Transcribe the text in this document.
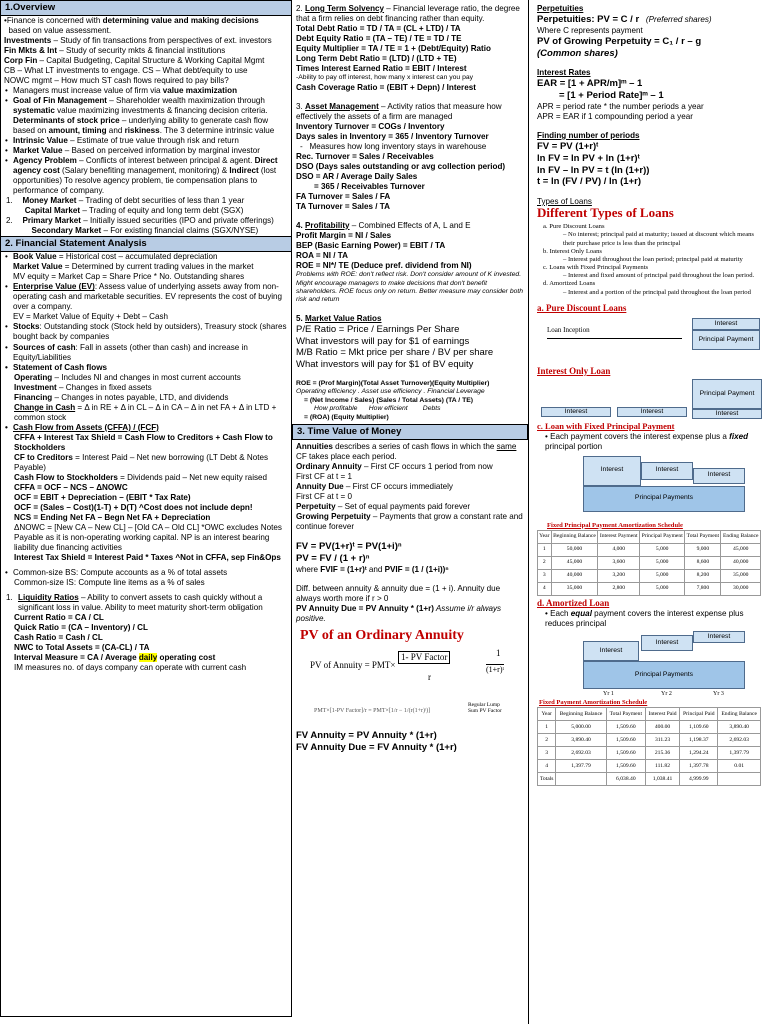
1.Overview

•Finance is concerned with determining value and making decisions
based on value assessment.

Investments – Study of fin transactions from perspectives of ext. investors

Fin Mkts & Int – Study of security mkts & financial institutions

Corp Fin – Capital Budgeting, Capital Structure & Working Capital Mgmt

CB – What LT investments to engage. CS – What debt/equity to use

NOWC mgmt – How much ST cash flows required to pay bills?

• Managers must increase value of firm via value maximization

• Goal of Fin Management – Shareholder wealth maximization through systematic value maximizing investments & financing decision criteria. Determinants of stock price – underlying ability to generate cash flow based on amount, timing and riskiness. The 3 determine intrinsic value

• Intrinsic Value – Estimate of true value through risk and return

• Market Value – Based on perceived information by marginal investor

• Agency Problem – Conflicts of interest between principal & agent. Direct agency cost (Salary benefiting management, monitoring) & Indirect (lost opportunities) To resolve agency problem, tie compensation plans to performance of company.

1. Money Market – Trading of debt securities of less than 1 year

Capital Market – Trading of equity and long term debt (SGX)

2. Primary Market – Initially issued securities (IPO and private offerings)

Secondary Market – For existing financial claims (SGX/NYSE)

2. Financial Statement Analysis

• Book Value = Historical cost – accumulated depreciation
Market Value = Determined by current trading values in the market
MV equity = Market Cap = Share Price * No. Outstanding shares

• Enterprise Value (EV): Assess value of underlying assets away from non-operating cash and marketable securities. EV represents the cost of buying over a company.
EV = Market Value of Equity + Debt – Cash

• Stocks: Outstanding stock (Stock held by outsiders), Treasury stock (shares bought back by companies

• Sources of cash: Fall in assets (other than cash) and increase in Equity/Liabilities

• Statement of Cash flows

Operating – Includes NI and changes in most current accounts

Investment – Changes in fixed assets

Financing – Changes in notes payable, LTD, and dividends

Change in Cash = Δ in RE + Δ in CL – Δ in CA – Δ in net FA + Δ in LTD + common stock

• Cash Flow from Assets (CFFA) / (FCF)

CFFA + Interest Tax Shield = Cash Flow to Creditors + Cash Flow to Stockholders

CF to Creditors = Interest Paid – Net new borrowing (LT Debt & Notes Payable)

Cash Flow to Stockholders = Dividends paid – Net new equity raised

CFFA = OCF – NCS – ΔNOWC

OCF = EBIT + Depreciation – (EBIT * Tax Rate)

OCF = (Sales – Cost)(1-T) + D(T) ^Cost does not include depn!

NCS = Ending Net FA – Begn Net FA + Depreciation

ΔNOWC = [New CA – New CL] – [Old CA – Old CL] *OWC excludes Notes Payable as it is non-operating working capital. NP is an interest bearing liability due financing activities

Interest Tax Shield = Interest Paid * Taxes ^Not in CFFA, sep Fin&Ops

• Common-size BS: Compute accounts as a % of total assets

Common-size IS: Compute line items as a % of sales

1. Liquidity Ratios – Ability to convert assets to cash quickly without a significant loss in value. Ability to meet maturity short-term obligation

Current Ratio = CA / CL

Quick Ratio = (CA – Inventory) / CL

Cash Ratio = Cash / CL

NWC to Total Assets = (CA-CL) / TA

Interval Measure = CA / Average daily operating cost

IM measures no. of days company can operate with current cash

2. Long Term Solvency – Financial leverage ratio, the degree that a firm relies on debt financing rather than equity.

Total Debt Ratio = TD / TA = (CL + LTD) / TA

Debt Equity Ratio = (TA – TE) / TE = TD / TE

Equity Multiplier = TA / TE = 1 + (Debt/Equity) Ratio

Long Term Debt Ratio = (LTD) / (LTD + TE)

Times Interest Earned Ratio = EBIT / Interest

-Ability to pay off interest, how many x interest can you pay

Cash Coverage Ratio = (EBIT + Depn) / Interest

3. Asset Management – Activity ratios that measure how effectively the assets of a firm are managed

Inventory Turnover = COGs / Inventory

Days sales in Inventory = 365 / Inventory Turnover

-   Measures how long inventory stays in warehouse

Rec. Turnover = Sales / Receivables

DSO (Days sales outstanding or avg collection period)

DSO = AR / Average Daily Sales

= 365 / Receivables Turnover

FA Turnover = Sales / FA

TA Turnover = Sales / TA

4. Profitability – Combined Effects of A, L and E

Profit Margin = NI / Sales

BEP (Basic Earning Power) = EBIT / TA

ROA = NI / TA

ROE = NI*/ TE (Deduce pref. dividend from NI)

Problems with ROE: don't reflect risk. Don't consider amount of K invested. Might encourage managers to make decisions that don't benefit shareholders. ROE focus only on return. Better measure may consider both risk and return

5. Market Value Ratios

P/E Ratio = Price / Earnings Per Share

What investors will pay for $1 of earnings

M/B Ratio = Mkt price per share / BV per share

What investors will pay for $1 of BV equity

ROE = (Prof Margin)(Total Asset Turnover)(Equity Multiplier)

Operating efficiency . Asset use efficiency . Financial Leverage

= (Net Income / Sales) (Sales / Total Assets) (TA / TE)

How profitable      How efficient        Debts

= (ROA) (Equity Multiplier)

3. Time Value of Money

Annuities describes a series of cash flows in which the same CF takes place each period.

Ordinary Annuity – First CF occurs 1 period from now

First CF at t = 1

Annuity Due – First CF occurs immediately

First CF at t = 0

Perpetuity – Set of equal payments paid forever

Growing Perpetuity – Payments that grow a constant rate and continue forever

FV = PV(1+r)ᵗ = PV(1+i)ⁿ

PV = FV / (1 + r)ⁿ

where FVIF = (1+r)ᵗ and PVIF = (1 / (1+i))ⁿ

Diff. between annuity & annuity due = (1 + i). Annuity due always worth more if r > 0

PV Annuity Due = PV Annuity * (1+r) Assume i/r always positive.

PV of an Ordinary Annuity
PV of Annuity = PMT×
1- PV Factor
r
1
(1+r)ᵗ
Regular Lump Sum PV Factor
PMT×[1-PV Factor]/r = PMT×[1/r − 1/(r(1+r)ᵗ)]

FV Annuity = PV Annuity * (1+r)

FV Annuity Due = FV Annuity * (1+r)

Perpetuities

Perpetuities: PV = C / r (Preferred shares)

Where C represents payment

PV of Growing Perpetuity = C₁ / r – g

(Common shares)

Interest Rates

EAR = [1 + APR/m]ᵐ – 1

= [1 + Period Rate]ᵐ – 1

APR = period rate * the number periods a year

APR = EAR if 1 compounding period a year

Finding number of periods

FV = PV (1+r)ᵗ

ln FV = ln PV + ln (1+r)ᵗ

ln FV – ln PV = t (ln (1+r))

t = ln (FV / PV) / ln (1+r)

Types of Loans

Different Types of Loans

a. Pure Discount Loans

– No interest; principal paid at maturity; issued at discount which means their purchase price is less than the principal

b. Interest Only Loans

– Interest paid throughout the loan period; principal paid at maturity

c. Loans with Fixed Principal Payments

– Interest and fixed amount of principal paid throughout the loan period.

d. Amortized Loans

– Interest and a portion of the principal paid throughout the loan period

a. Pure Discount Loans
Loan Inception
Interest
Principal Payment
Interest Only Loan
Principal Payment
Interest	Interest	Interest
c. Loan with Fixed Principal Payment

• Each payment covers the interest expense plus a fixed principal portion

Interest	Interest
Interest
Principal Payments
Fixed Principal Payment Amortization Schedule
Year	Beginning Balance	Interest Payment	Principal Payment	Total Payment	Ending Balance
1	50,000	4,000	5,000	9,000	45,000
2	45,000	3,600	5,000	8,600	40,000
3	40,000	3,200	5,000	8,200	35,000
4	35,000	2,800	5,000	7,800	30,000
d. Amortized Loan

• Each equal payment covers the interest expense plus reduces principal

Interest
Interest
Interest
Principal Payments
Yr 1	Yr 2	Yr 3
Fixed Payment Amortization Schedule
Year	Beginning Balance	Total Payment	Interest Paid	Principal Paid	Ending Balance
1	5,000.00	1,509.60	400.00	1,109.60	3,890.40
2	3,890.40	1,509.60	311.23	1,198.37	2,692.03
3	2,692.03	1,509.60	215.36	1,294.24	1,397.79
4	1,397.79	1,509.60	111.82	1,397.78	0.01
Totals		6,038.40	1,038.41	4,999.99	
